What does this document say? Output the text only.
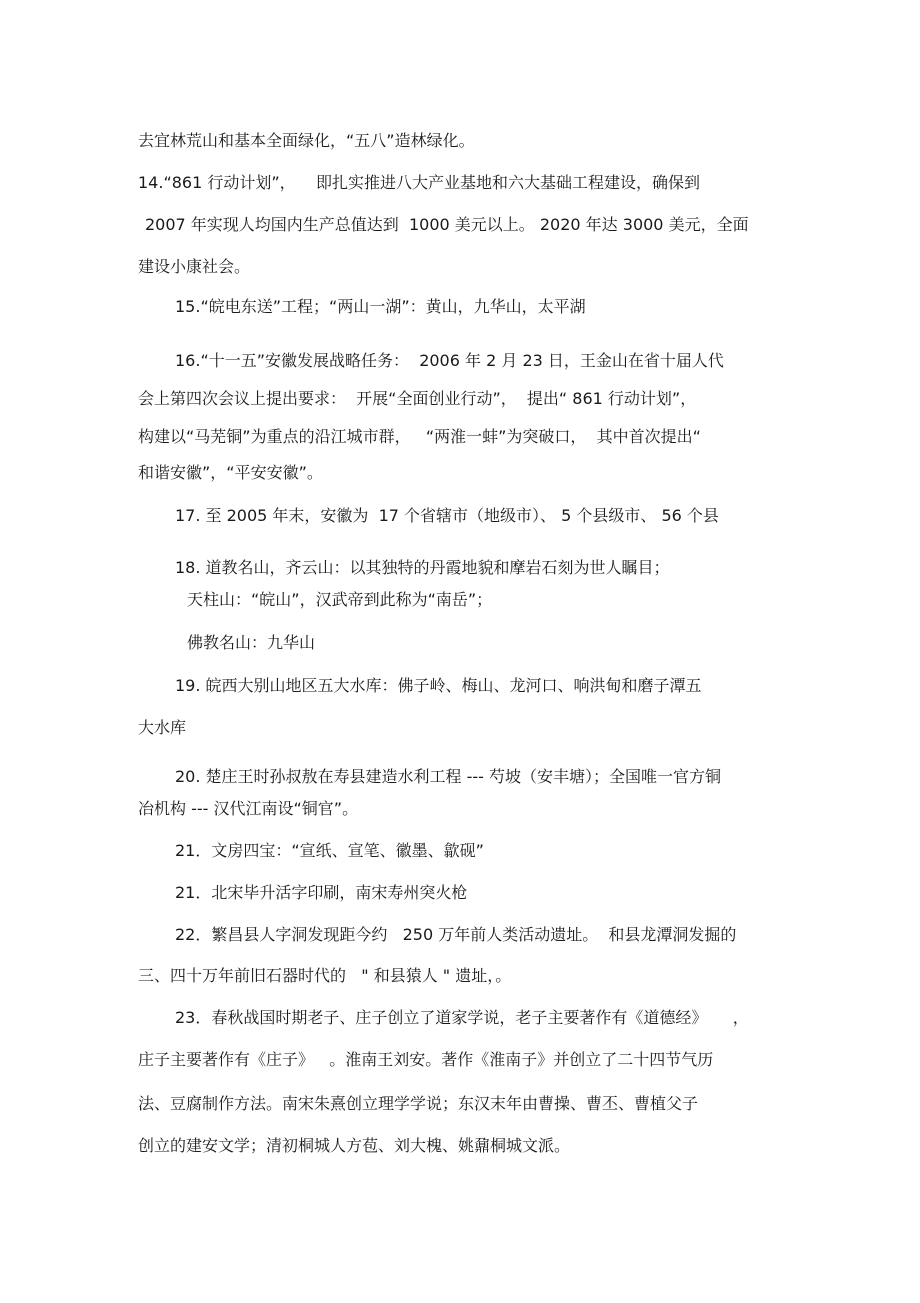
去宜林荒山和基本全面绿化，“五八”造林绿化。

14.“861 行动计划”，    即扎实推进八大产业基地和六大基础工程建设，确保到

2007 年实现人均国内生产总值达到  1000 美元以上。 2020 年达 3000 美元，全面

建设小康社会。

15.“皖电东送”工程；“两山一湖”：黄山，九华山，太平湖

16.“十一五”安徽发展战略任务：  2006 年 2 月 23 日，王金山在省十届人代

会上第四次会议上提出要求：  开展“全面创业行动”，  提出“ 861 行动计划”，

构建以“马芜铜”为重点的沿江城市群，   “两淮一蚌”为突破口，  其中首次提出“

和谐安徽”，“平安安徽”。

17. 至 2005 年末，安徽为  17 个省辖市（地级市）、 5 个县级市、 56 个县

18. 道教名山，齐云山：以其独特的丹霞地貌和摩岩石刻为世人瞩目；

天柱山：“皖山”，汉武帝到此称为“南岳”；

佛教名山：九华山

19. 皖西大别山地区五大水库：佛子岭、梅山、龙河口、响洪甸和磨子潭五

大水库

20. 楚庄王时孙叔敖在寿县建造水利工程 --- 芍坡（安丰塘）；全国唯一官方铜

冶机构 --- 汉代江南设“铜官”。

21．文房四宝：“宣纸、宣笔、徽墨、歙砚”

21．北宋毕升活字印刷，南宋寿州突火枪

22．繁昌县人字洞发现距今约   250 万年前人类活动遗址。  和县龙潭洞发掘的

三、四十万年前旧石器时代的   " 和县猿人 " 遗址，。

23．春秋战国时期老子、庄子创立了道家学说，老子主要著作有《道德经》     ，

庄子主要著作有《庄子》   。淮南王刘安。著作《淮南子》并创立了二十四节气历

法、豆腐制作方法。南宋朱熹创立理学学说；东汉末年由曹操、曹丕、曹植父子

创立的建安文学；清初桐城人方苞、刘大槐、姚鼐桐城文派。
